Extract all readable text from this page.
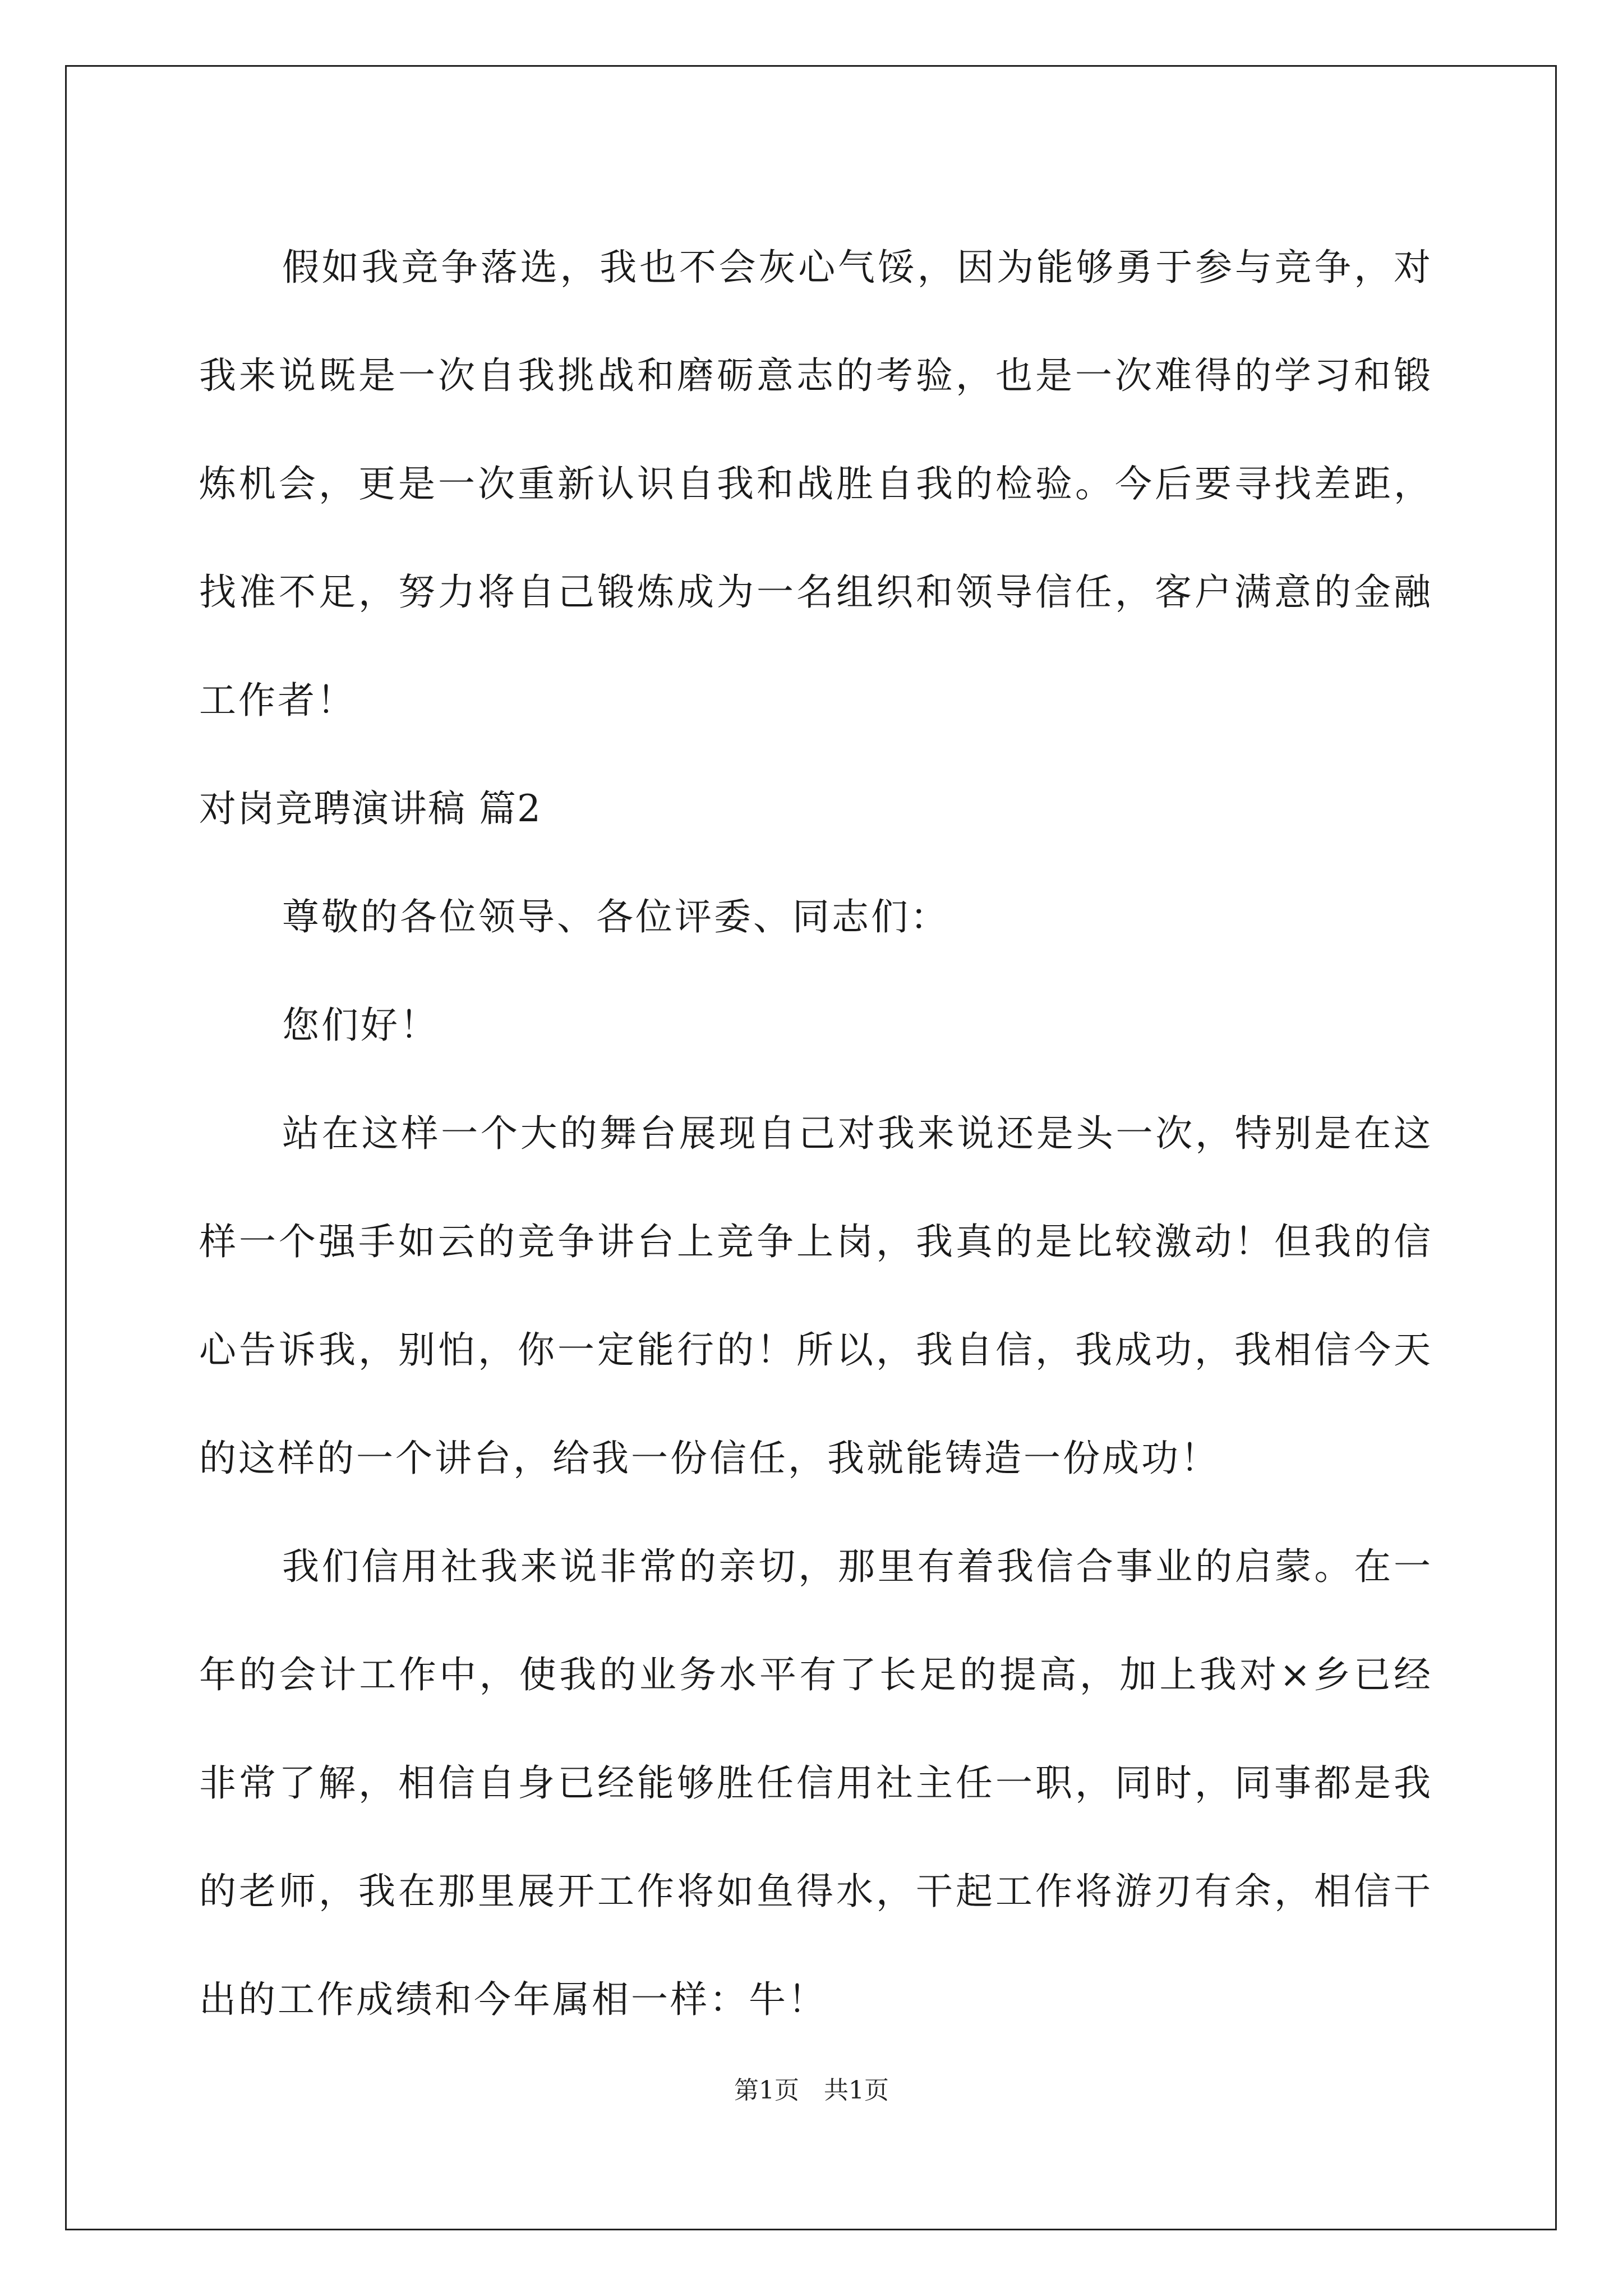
假如我竞争落选，我也不会灰心气馁，因为能够勇于参与竞争，对我来说既是一次自我挑战和磨砺意志的考验，也是一次难得的学习和锻炼机会，更是一次重新认识自我和战胜自我的检验。今后要寻找差距，找准不足，努力将自己锻炼成为一名组织和领导信任，客户满意的金融工作者！

对岗竞聘演讲稿 篇2

尊敬的各位领导、各位评委、同志们：

您们好！

站在这样一个大的舞台展现自己对我来说还是头一次，特别是在这样一个强手如云的竞争讲台上竞争上岗，我真的是比较激动！但我的信心告诉我，别怕，你一定能行的！所以，我自信，我成功，我相信今天的这样的一个讲台，给我一份信任，我就能铸造一份成功！

我们信用社我来说非常的亲切，那里有着我信合事业的启蒙。在一年的会计工作中，使我的业务水平有了长足的提高，加上我对×乡已经非常了解，相信自身已经能够胜任信用社主任一职，同时，同事都是我的老师，我在那里展开工作将如鱼得水，干起工作将游刃有余，相信干出的工作成绩和今年属相一样：牛！

第1页　共1页
